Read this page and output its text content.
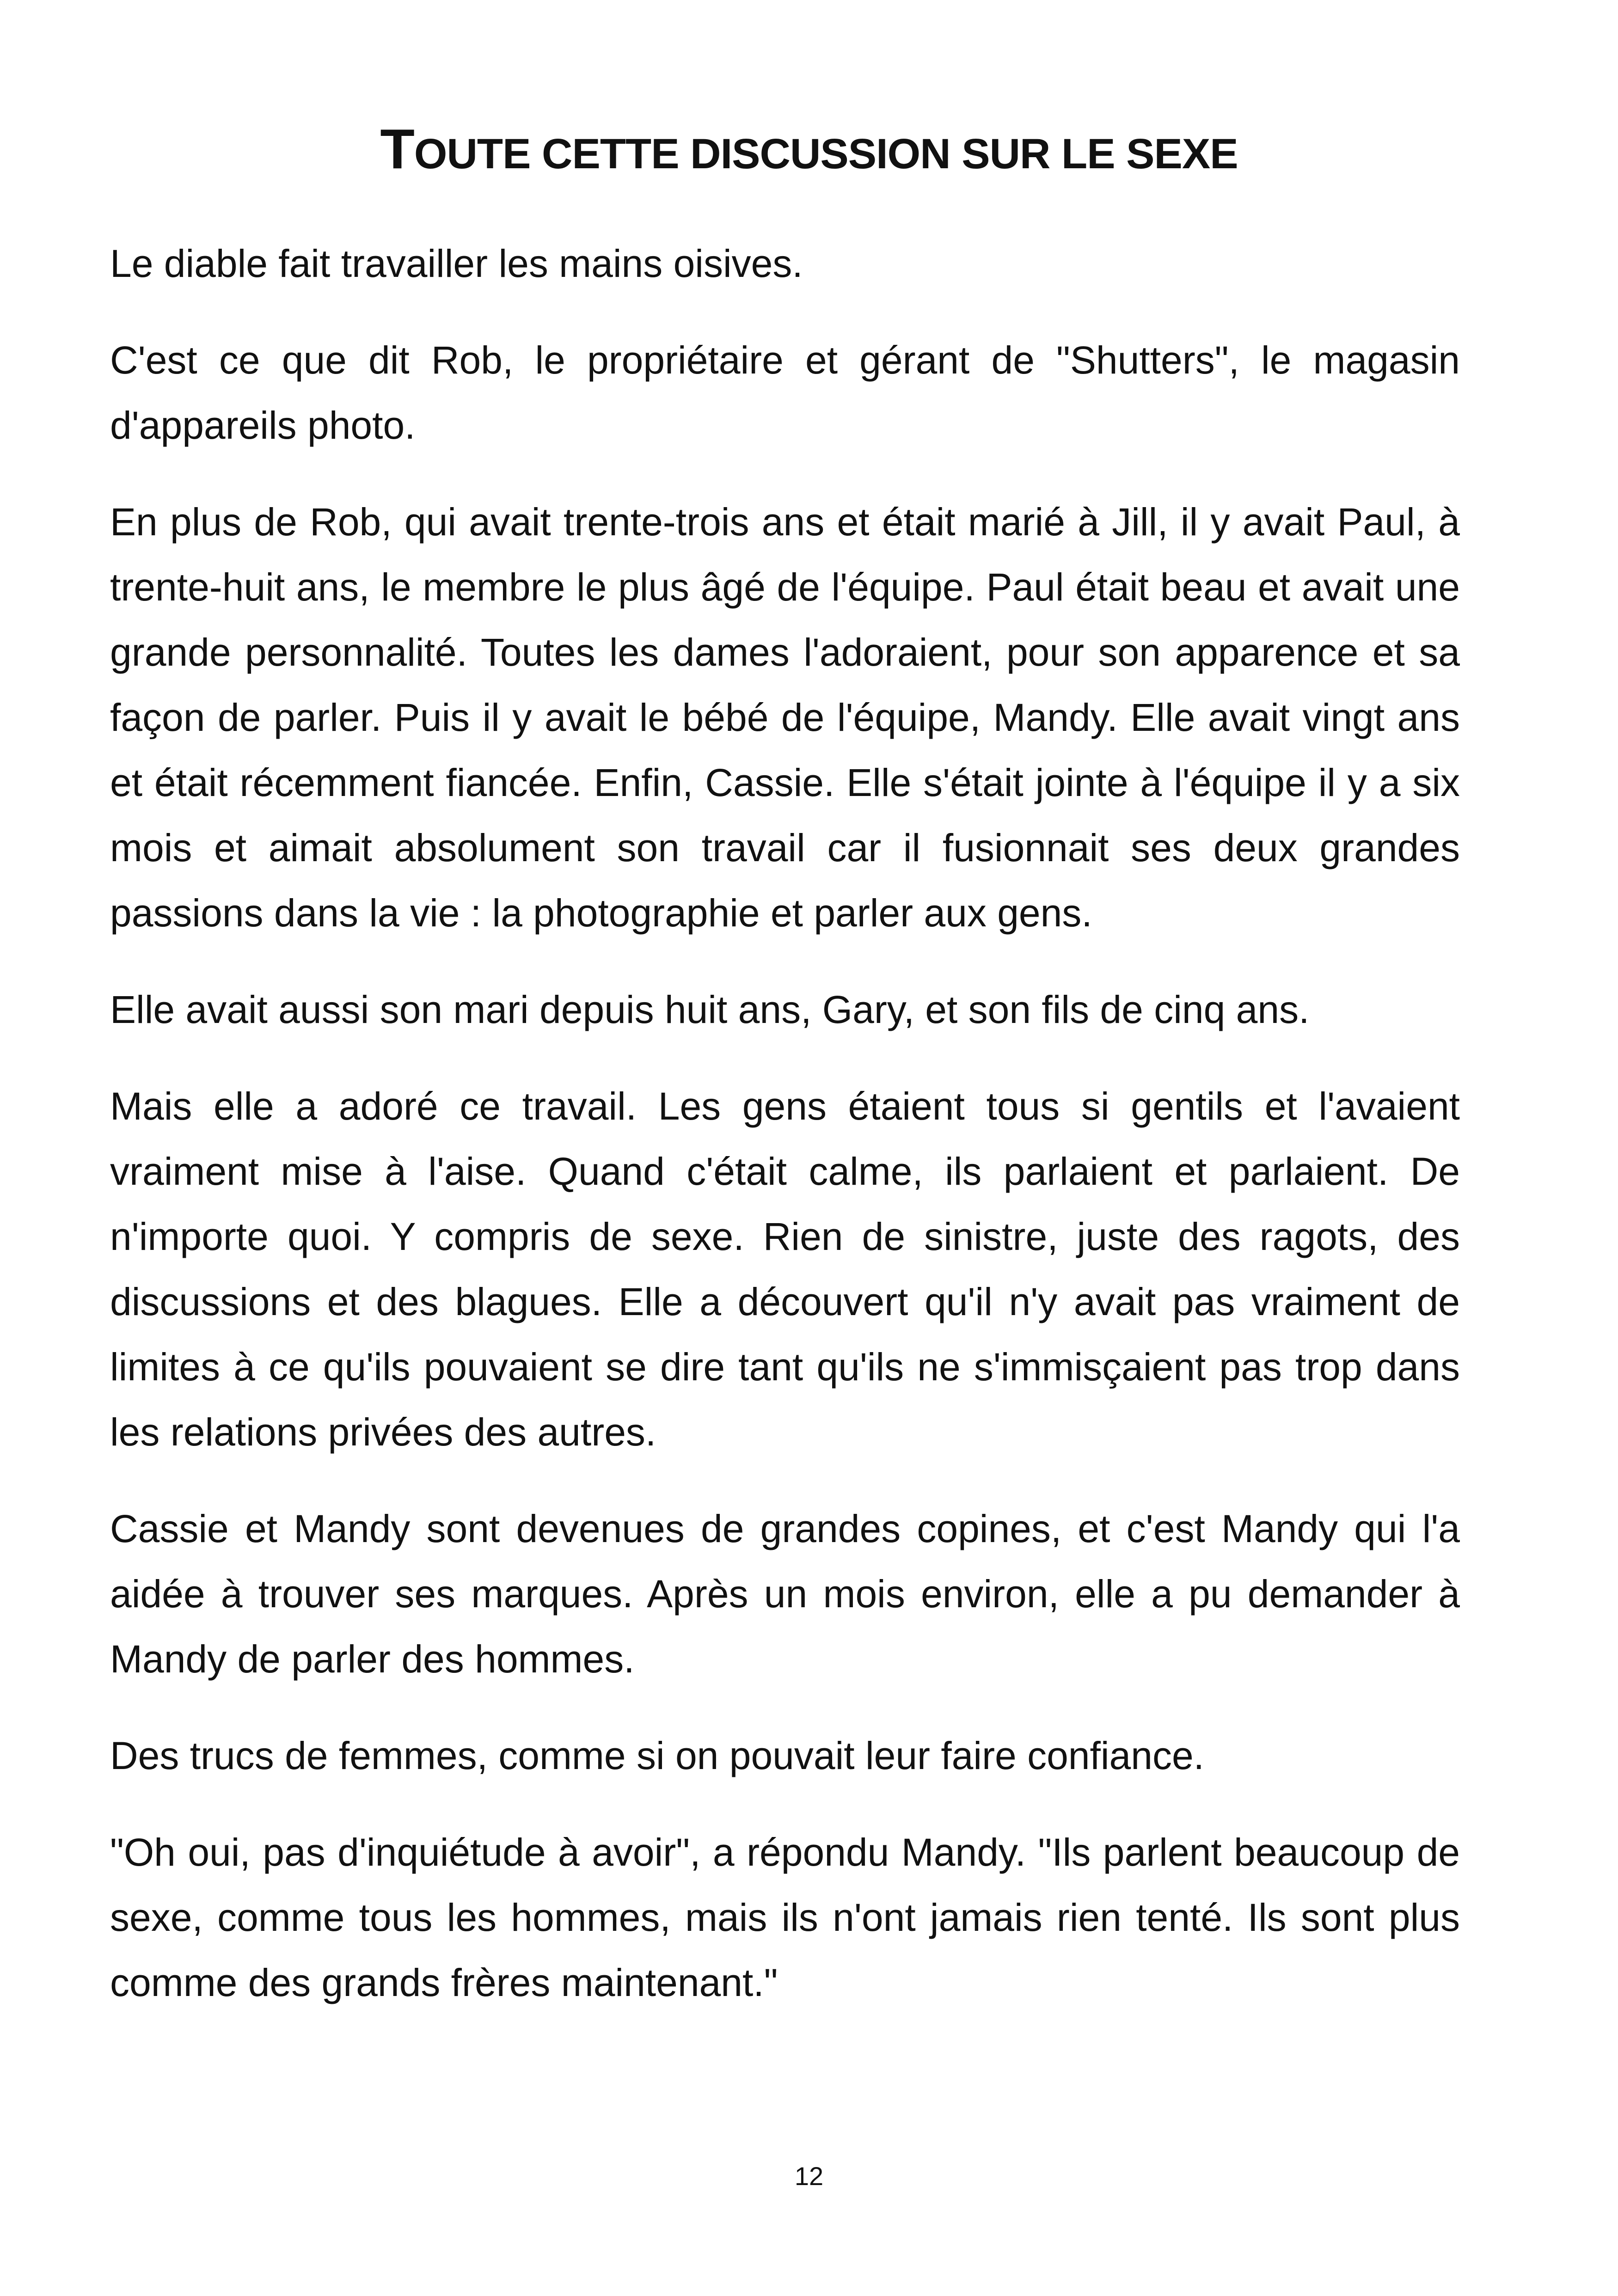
TOUTE CETTE DISCUSSION SUR LE SEXE

Le diable fait travailler les mains oisives.

C'est ce que dit Rob, le propriétaire et gérant de "Shutters", le magasin d'appareils photo.

En plus de Rob, qui avait trente-trois ans et était marié à Jill, il y avait Paul, à trente-huit ans, le membre le plus âgé de l'équipe. Paul était beau et avait une grande personnalité. Toutes les dames l'adoraient, pour son apparence et sa façon de parler. Puis il y avait le bébé de l'équipe, Mandy. Elle avait vingt ans et était récemment fiancée. Enfin, Cassie. Elle s'était jointe à l'équipe il y a six mois et aimait absolument son travail car il fusionnait ses deux grandes passions dans la vie : la photographie et parler aux gens.

Elle avait aussi son mari depuis huit ans, Gary, et son fils de cinq ans.

Mais elle a adoré ce travail. Les gens étaient tous si gentils et l'avaient vraiment mise à l'aise. Quand c'était calme, ils parlaient et parlaient. De n'importe quoi. Y compris de sexe. Rien de sinistre, juste des ragots, des discussions et des blagues. Elle a découvert qu'il n'y avait pas vraiment de limites à ce qu'ils pouvaient se dire tant qu'ils ne s'immisçaient pas trop dans les relations privées des autres.

Cassie et Mandy sont devenues de grandes copines, et c'est Mandy qui l'a aidée à trouver ses marques. Après un mois environ, elle a pu demander à Mandy de parler des hommes.

Des trucs de femmes, comme si on pouvait leur faire confiance.

"Oh oui, pas d'inquiétude à avoir", a répondu Mandy. "Ils parlent beaucoup de sexe, comme tous les hommes, mais ils n'ont jamais rien tenté. Ils sont plus comme des grands frères maintenant."

12
